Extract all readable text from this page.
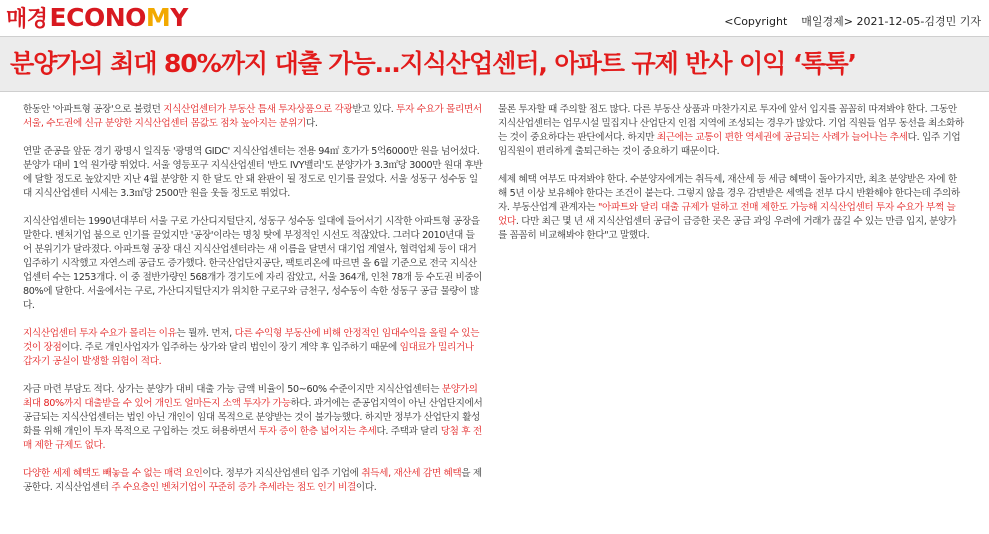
매경 ECONO M Y	<Copyright    매일경제> 2021-12-05-김경민 기자
분양가의 최대 80%까지 대출 가능...지식산업센터, 아파트 규제 반사 이익 ‘톡톡’

한동안 '아파트형 공장'으로 불렸던 지식산업센터가 부동산 틈새 투자상품으로 각광받고 있다. 투자 수요가 몰리면서 서울, 수도권에 신규 분양한 지식산업센터 몸값도 점차 높아지는 분위기다.

연말 준공을 앞둔 경기 광명시 일직동 '광명역 GIDC' 지식산업센터는 전용 94㎡ 호가가 5억6000만 원을 넘어섰다. 분양가 대비 1억 원가량 뛰었다. 서울 영등포구 지식산업센터 '반도 IVY밸리'도 분양가가 3.3㎡당 3000만 원대 후반에 달할 정도로 높았지만 지난 4월 분양한 지 한 달도 안 돼 완판이 될 정도로 인기를 끌었다. 서울 성동구 성수동 일대 지식산업센터 시세는 3.3㎡당 2500만 원을 웃돌 정도로 뛰었다.

지식산업센터는 1990년대부터 서울 구로 가산디지털단지, 성동구 성수동 일대에 들어서기 시작한 아파트형 공장을 말한다. 벤처기업 붐으로 인기를 끌었지만 '공장'이라는 명칭 탓에 부정적인 시선도 적잖았다. 그러다 2010년대 들어 분위기가 달라졌다. 아파트형 공장 대신 지식산업센터라는 새 이름을 달면서 대기업 계열사, 협력업체 등이 대거 입주하기 시작했고 자연스레 공급도 증가했다. 한국산업단지공단, 팩토리온에 따르면 올 6월 기준으로 전국 지식산업센터 수는 1253개다. 이 중 절반가량인 568개가 경기도에 자리 잡았고, 서울 364개, 인천 78개 등 수도권 비중이 80%에 달한다. 서울에서는 구로, 가산디지털단지가 위치한 구로구와 금천구, 성수동이 속한 성동구 공급 물량이 많다.

지식산업센터 투자 수요가 몰리는 이유는 뭘까. 먼저, 다른 수익형 부동산에 비해 안정적인 임대수익을 올릴 수 있는 것이 장점이다. 주로 개인사업자가 입주하는 상가와 달리 법인이 장기 계약 후 입주하기 때문에 임대료가 밀리거나 갑자기 공실이 발생할 위험이 적다.

자금 마련 부담도 적다. 상가는 분양가 대비 대출 가능 금액 비율이 50~60% 수준이지만 지식산업센터는 분양가의 최대 80%까지 대출받을 수 있어 개인도 얼마든지 소액 투자가 가능하다. 과거에는 준공업지역이 아닌 산업단지에서 공급되는 지식산업센터는 법인 아닌 개인이 임대 목적으로 분양받는 것이 불가능했다. 하지만 정부가 산업단지 활성화를 위해 개인이 투자 목적으로 구입하는 것도 허용하면서 투자 증이 한층 넓어지는 추세다. 주택과 달리 당첨 후 전매 제한 규제도 없다.

다양한 세제 혜택도 빼놓을 수 없는 매력 요인이다. 정부가 지식산업센터 입주 기업에 취득세, 재산세 감면 혜택을 제공한다. 지식산업센터 주 수요층인 벤처기업이 꾸준히 증가 추세라는 점도 인기 비결이다.

물론 투자할 때 주의할 점도 많다. 다른 부동산 상품과 마찬가지로 투자에 앞서 입지를 꼼꼼히 따져봐야 한다. 그동안 지식산업센터는 업무시설 밀집지나 산업단지 인접 지역에 조성되는 경우가 많았다. 기업 직원들 업무 동선을 최소화하는 것이 중요하다는 판단에서다. 하지만 최근에는 교통이 편한 역세권에 공급되는 사례가 늘어나는 추세다. 입주 기업 임직원이 편리하게 출퇴근하는 것이 중요하기 때문이다.

세제 혜택 여부도 따져봐야 한다. 수분양자에게는 취득세, 재산세 등 세금 혜택이 돌아가지만, 최초 분양받은 자에 한해 5년 이상 보유해야 한다는 조건이 붙는다. 그렇지 않을 경우 감면받은 세액을 전부 다시 반환해야 한다는데 주의하자. 부동산업계 관계자는 "아파트와 달리 대출 규제가 덜하고 전매 제한도 가능해 지식산업센터 투자 수요가 부쩍 늘었다. 다만 최근 몇 년 새 지식산업센터 공급이 급증한 곳은 공급 과잉 우려에 거래가 끊길 수 있는 만큼 입지, 분양가를 꼼꼼히 비교해봐야 한다"고 말했다.
